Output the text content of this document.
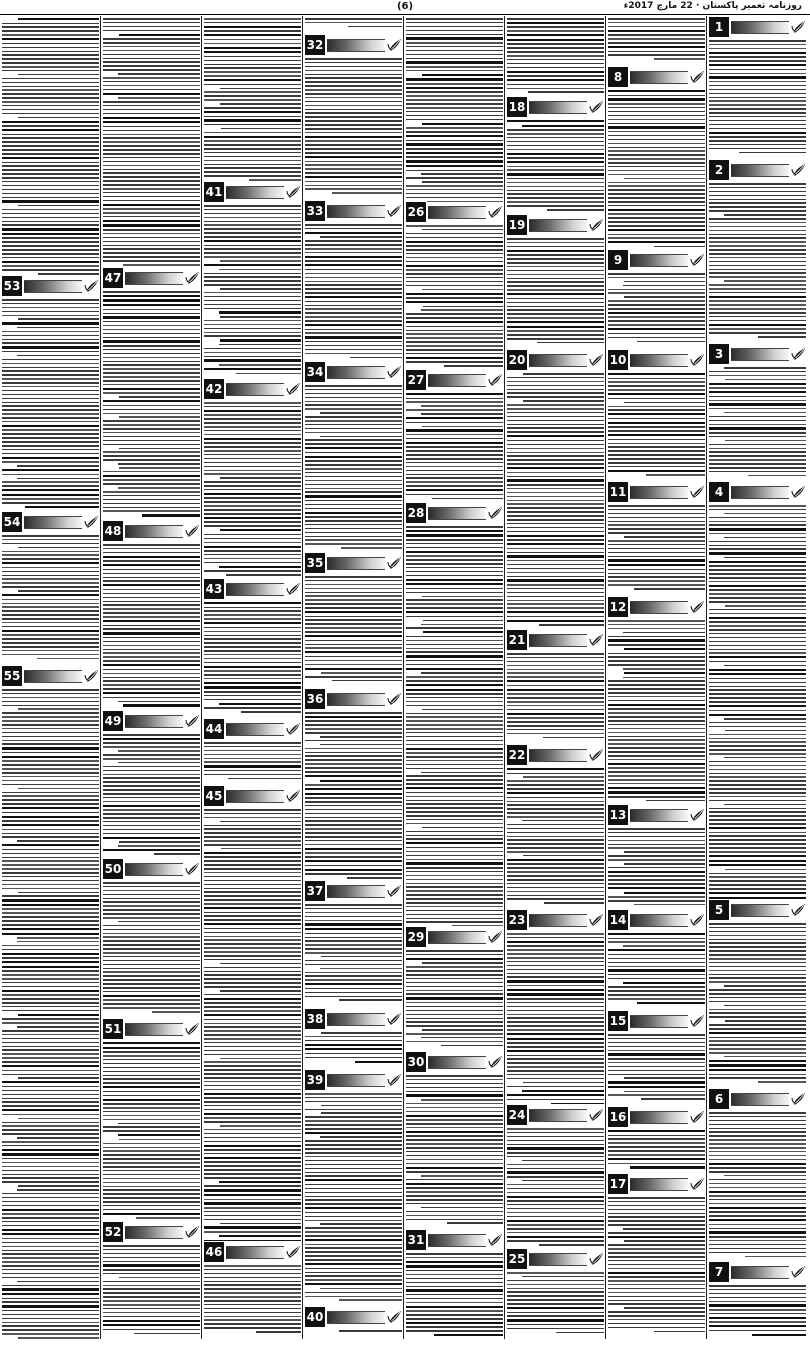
(6)	روزنامہ تعمیر پاکستان · 22 مارچ 2017ء
1
2
3
4
5
6
7
8
9
10
11
12
13
14
15
16
17
18
19
20
21
22
23
24
25
26
27
28
29
30
31
32
33
34
35
36
37
38
39
40
41
42
43
44
45
46
47
48
49
50
51
52
53
54
55
